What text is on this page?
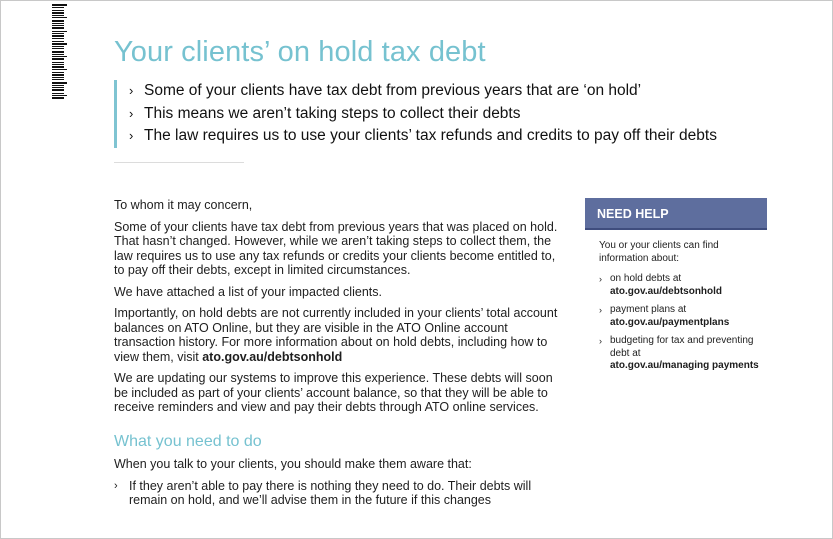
Your clients’ on hold tax debt
› Some of your clients have tax debt from previous years that are ‘on hold’
› This means we aren’t taking steps to collect their debts
› The law requires us to use your clients’ tax refunds and credits to pay off their debts

To whom it may concern,

Some of your clients have tax debt from previous years that was placed on hold. That hasn’t changed. However, while we aren’t taking steps to collect them, the law requires us to use any tax refunds or credits your clients become entitled to, to pay off their debts, except in limited circumstances.

We have attached a list of your impacted clients.

Importantly, on hold debts are not currently included in your clients’ total account balances on ATO Online, but they are visible in the ATO Online account transaction history. For more information about on hold debts, including how to view them, visit ato.gov.au/debtsonhold

We are updating our systems to improve this experience. These debts will soon be included as part of your clients’ account balance, so that they will be able to receive reminders and view and pay their debts through ATO online services.

What you need to do

When you talk to your clients, you should make them aware that:

› If they aren’t able to pay there is nothing they need to do. Their debts will remain on hold, and we’ll advise them in the future if this changes
NEED HELP

You or your clients can find information about:

› on hold debts at
ato.gov.au/debtsonhold
› payment plans at
ato.gov.au/paymentplans
› budgeting for tax and preventing debt at
ato.gov.au/managing payments
